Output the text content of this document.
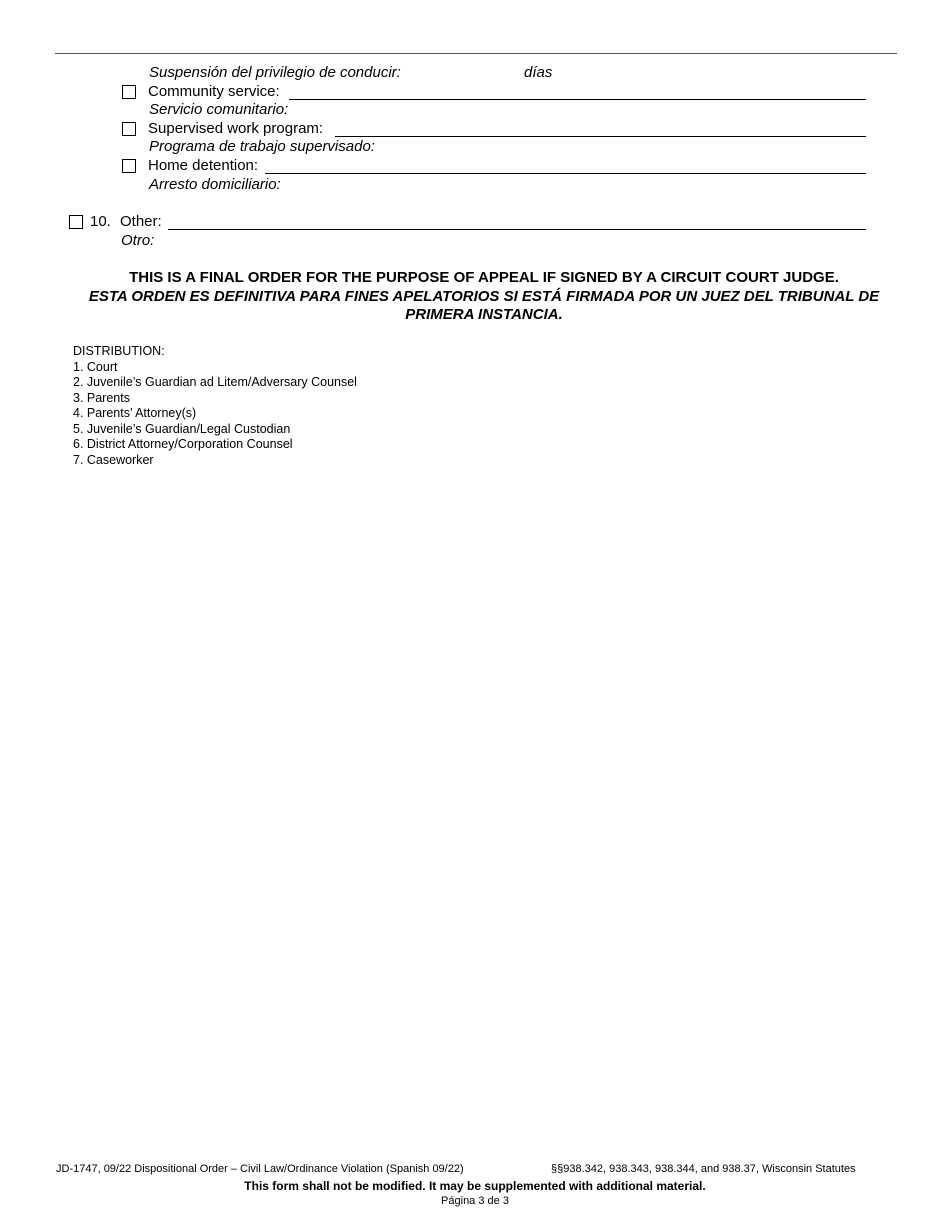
Suspensión del privilegio de conducir:	días
Community service:
Servicio comunitario:
Supervised work program:
Programa de trabajo supervisado:
Home detention:
Arresto domiciliario:
10. Other:
Otro:
THIS IS A FINAL ORDER FOR THE PURPOSE OF APPEAL IF SIGNED BY A CIRCUIT COURT JUDGE.
ESTA ORDEN ES DEFINITIVA PARA FINES APELATORIOS SI ESTÁ FIRMADA POR UN JUEZ DEL TRIBUNAL DE
PRIMERA INSTANCIA.
DISTRIBUTION:
1. Court
2. Juvenile’s Guardian ad Litem/Adversary Counsel
3. Parents
4. Parents’ Attorney(s)
5. Juvenile’s Guardian/Legal Custodian
6. District Attorney/Corporation Counsel
7. Caseworker
JD-1747, 09/22 Dispositional Order – Civil Law/Ordinance Violation (Spanish 09/22)	§§938.342, 938.343, 938.344, and 938.37, Wisconsin Statutes
This form shall not be modified. It may be supplemented with additional material.
Página 3 de 3
